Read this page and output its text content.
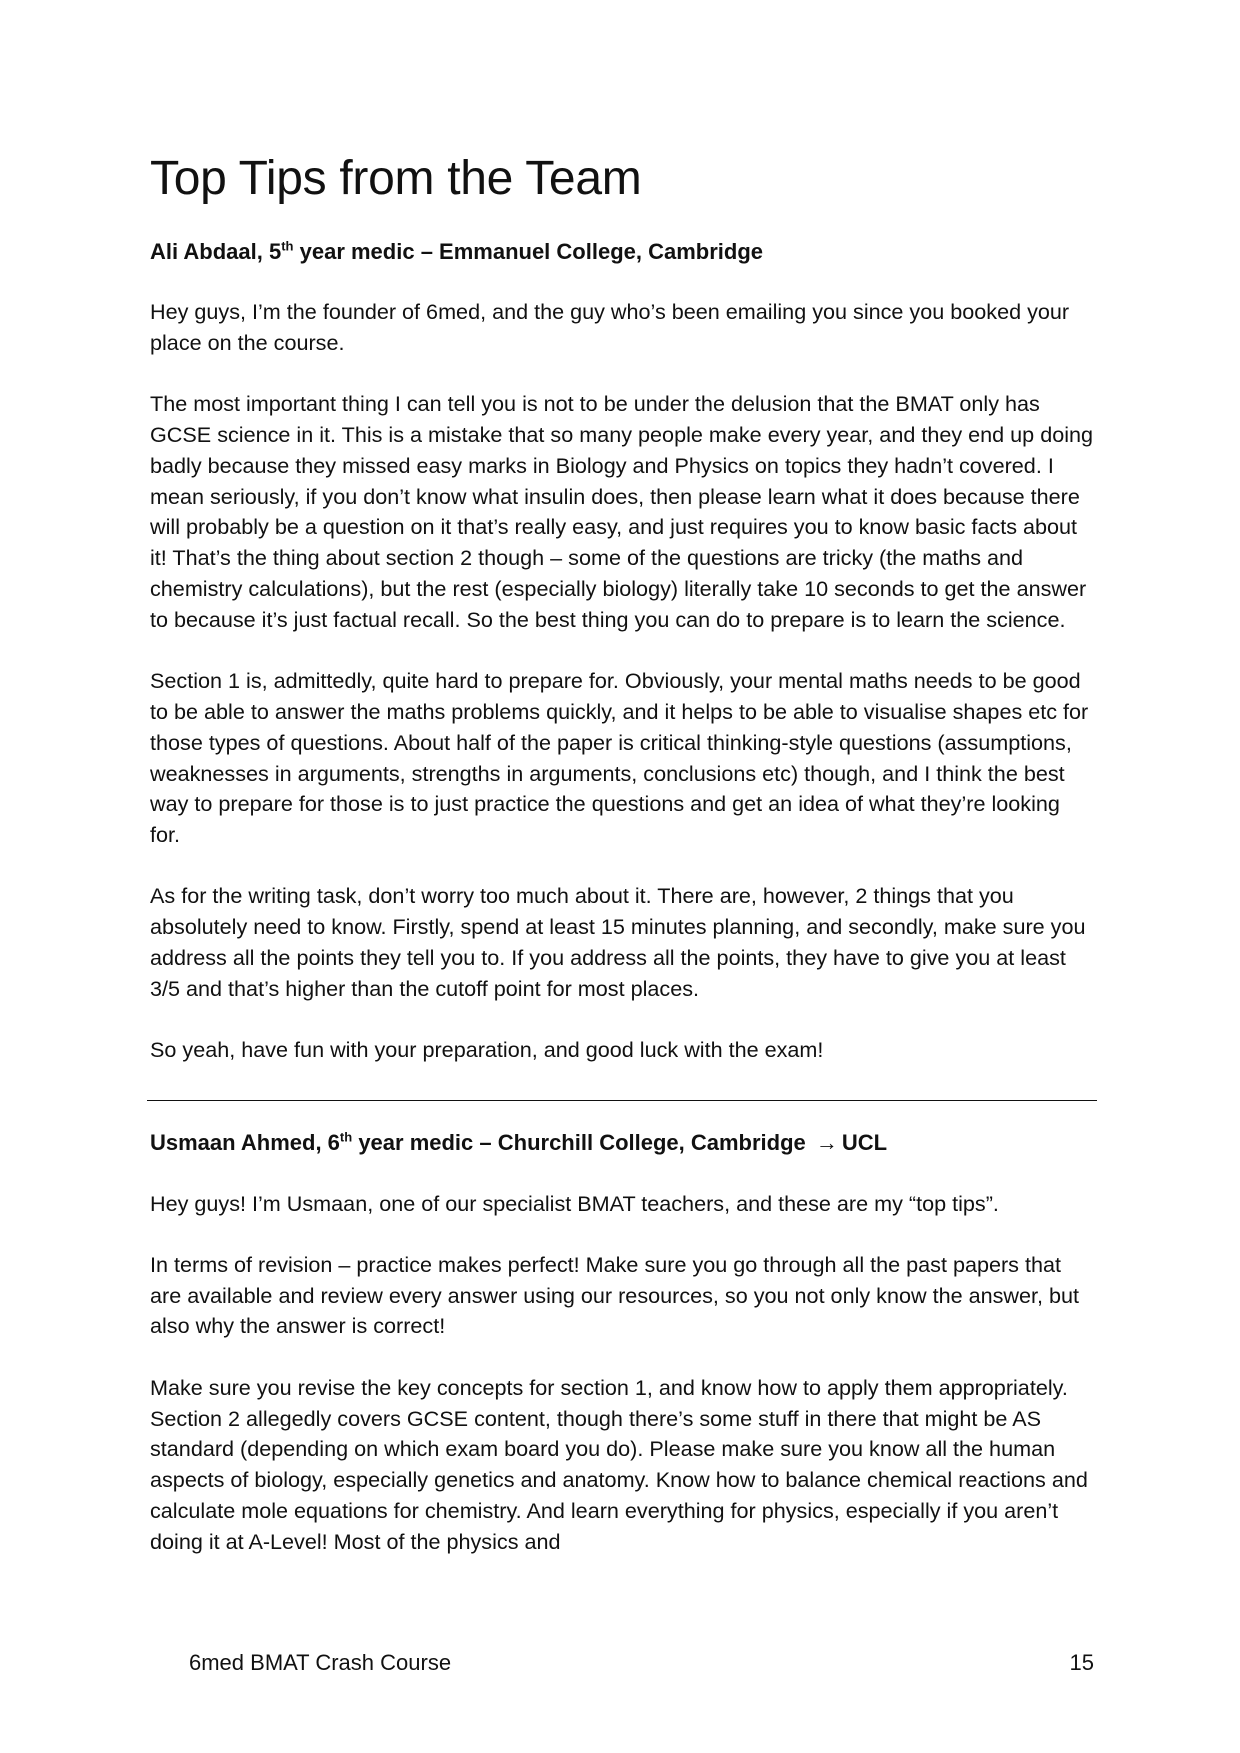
Top Tips from the Team
Ali Abdaal, 5th year medic – Emmanuel College, Cambridge

Hey guys, I’m the founder of 6med, and the guy who’s been emailing you since you booked your place on the course.

The most important thing I can tell you is not to be under the delusion that the BMAT only has GCSE science in it. This is a mistake that so many people make every year, and they end up doing badly because they missed easy marks in Biology and Physics on topics they hadn’t covered. I mean seriously, if you don’t know what insulin does, then please learn what it does because there will probably be a question on it that’s really easy, and just requires you to know basic facts about it! That’s the thing about section 2 though – some of the questions are tricky (the maths and chemistry calculations), but the rest (especially biology) literally take 10 seconds to get the answer to because it’s just factual recall. So the best thing you can do to prepare is to learn the science.

Section 1 is, admittedly, quite hard to prepare for. Obviously, your mental maths needs to be good to be able to answer the maths problems quickly, and it helps to be able to visualise shapes etc for those types of questions. About half of the paper is critical thinking-style questions (assumptions, weaknesses in arguments, strengths in arguments, conclusions etc) though, and I think the best way to prepare for those is to just practice the questions and get an idea of what they’re looking for.

As for the writing task, don’t worry too much about it. There are, however, 2 things that you absolutely need to know. Firstly, spend at least 15 minutes planning, and secondly, make sure you address all the points they tell you to. If you address all the points, they have to give you at least 3/5 and that’s higher than the cutoff point for most places.

So yeah, have fun with your preparation, and good luck with the exam!

Usmaan Ahmed, 6th year medic – Churchill College, Cambridge → UCL

Hey guys! I’m Usmaan, one of our specialist BMAT teachers, and these are my “top tips”.

In terms of revision – practice makes perfect! Make sure you go through all the past papers that are available and review every answer using our resources, so you not only know the answer, but also why the answer is correct!

Make sure you revise the key concepts for section 1, and know how to apply them appropriately. Section 2 allegedly covers GCSE content, though there’s some stuff in there that might be AS standard (depending on which exam board you do). Please make sure you know all the human aspects of biology, especially genetics and anatomy. Know how to balance chemical reactions and calculate mole equations for chemistry. And learn everything for physics, especially if you aren’t doing it at A-Level! Most of the physics and

6med BMAT Crash Course	15
